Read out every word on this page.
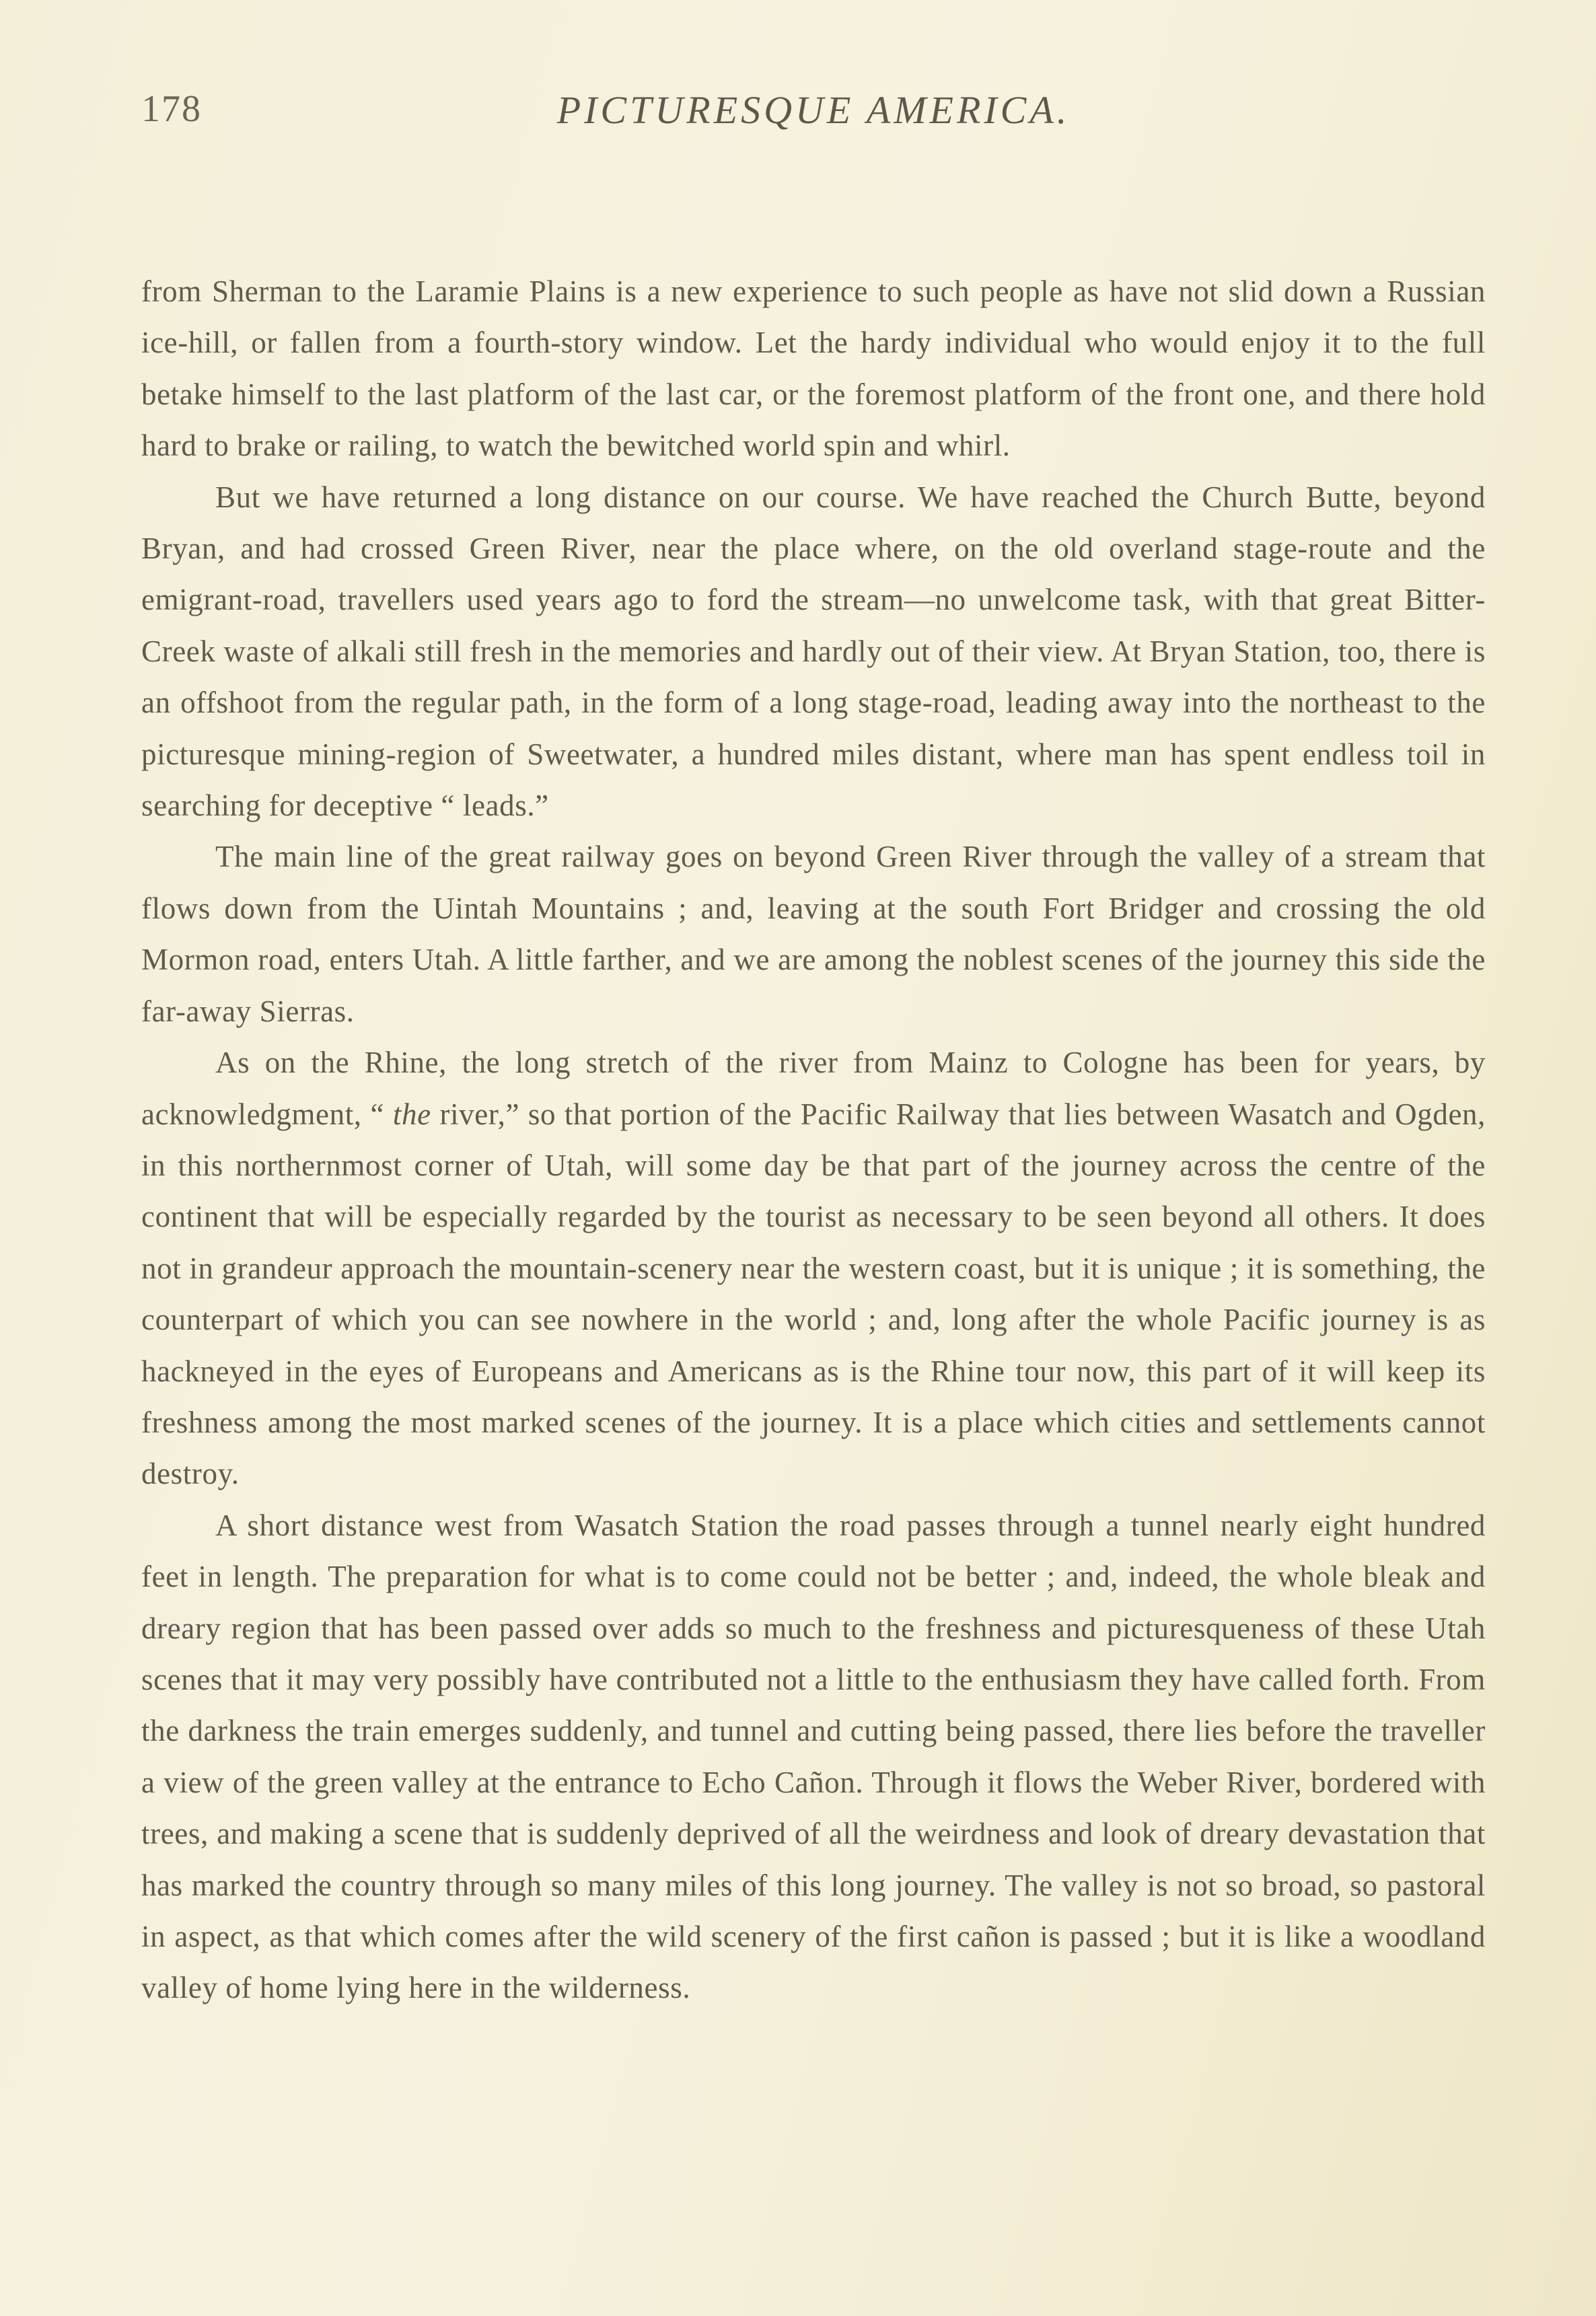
178	PICTURESQUE AMERICA.

from Sherman to the Laramie Plains is a new experience to such people as have not slid down a Russian ice-hill, or fallen from a fourth-story window. Let the hardy individual who would enjoy it to the full betake himself to the last platform of the last car, or the foremost platform of the front one, and there hold hard to brake or railing, to watch the bewitched world spin and whirl.

But we have returned a long distance on our course. We have reached the Church Butte, beyond Bryan, and had crossed Green River, near the place where, on the old overland stage-route and the emigrant-road, travellers used years ago to ford the stream—no unwelcome task, with that great Bitter-Creek waste of alkali still fresh in the memories and hardly out of their view. At Bryan Station, too, there is an offshoot from the regular path, in the form of a long stage-road, leading away into the northeast to the picturesque mining-region of Sweetwater, a hundred miles distant, where man has spent endless toil in searching for deceptive “ leads.”

The main line of the great railway goes on beyond Green River through the valley of a stream that flows down from the Uintah Mountains ; and, leaving at the south Fort Bridger and crossing the old Mormon road, enters Utah. A little farther, and we are among the noblest scenes of the journey this side the far-away Sierras.

As on the Rhine, the long stretch of the river from Mainz to Cologne has been for years, by acknowledgment, “ the river,” so that portion of the Pacific Railway that lies between Wasatch and Ogden, in this northernmost corner of Utah, will some day be that part of the journey across the centre of the continent that will be especially regarded by the tourist as necessary to be seen beyond all others. It does not in grandeur approach the mountain-scenery near the western coast, but it is unique ; it is something, the counterpart of which you can see nowhere in the world ; and, long after the whole Pacific journey is as hackneyed in the eyes of Europeans and Americans as is the Rhine tour now, this part of it will keep its freshness among the most marked scenes of the journey. It is a place which cities and settlements cannot destroy.

A short distance west from Wasatch Station the road passes through a tunnel nearly eight hundred feet in length. The preparation for what is to come could not be better ; and, indeed, the whole bleak and dreary region that has been passed over adds so much to the freshness and picturesqueness of these Utah scenes that it may very possibly have contributed not a little to the enthusiasm they have called forth. From the darkness the train emerges suddenly, and tunnel and cutting being passed, there lies before the traveller a view of the green valley at the entrance to Echo Cañon. Through it flows the Weber River, bordered with trees, and making a scene that is suddenly deprived of all the weirdness and look of dreary devastation that has marked the country through so many miles of this long journey. The valley is not so broad, so pastoral in aspect, as that which comes after the wild scenery of the first cañon is passed ; but it is like a woodland valley of home lying here in the wilderness.
